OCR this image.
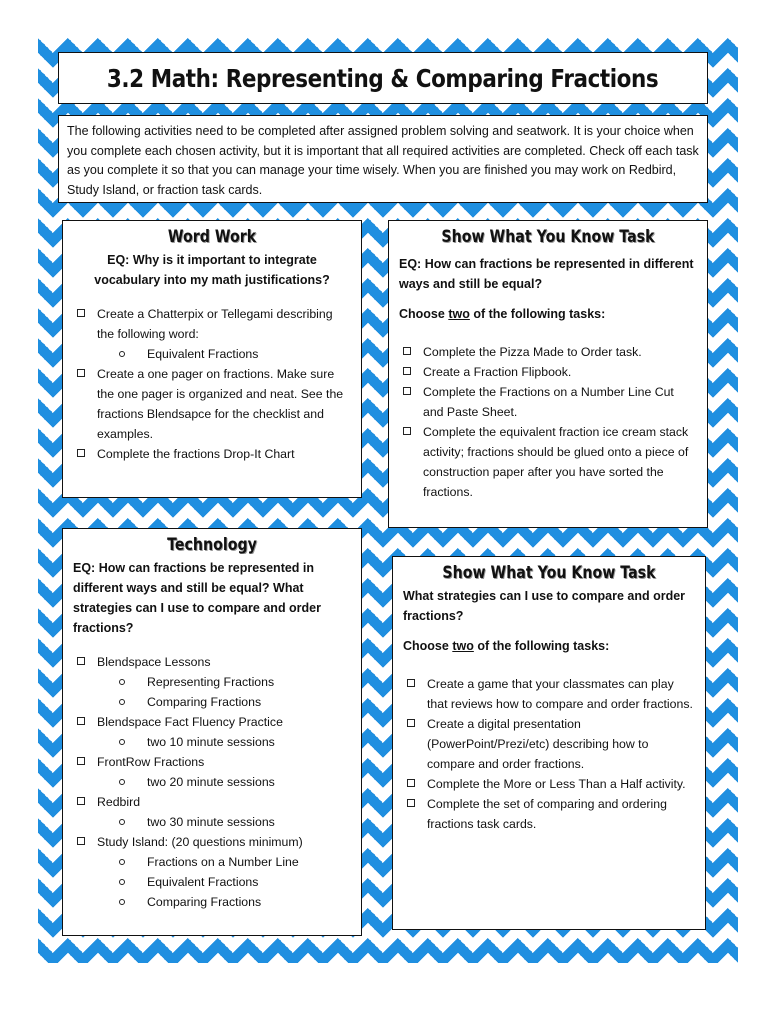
3.2 Math: Representing & Comparing Fractions

The following activities need to be completed after assigned problem solving and seatwork. It is your choice when you complete each chosen activity, but it is important that all required activities are completed. Check off each task as you complete it so that you can manage your time wisely. When you are finished you may work on Redbird, Study Island, or fraction task cards.

Word Work

EQ: Why is it important to integrate vocabulary into my math justifications?

Create a Chatterpix or Tellegami describing the following word:
Equivalent Fractions
Create a one pager on fractions. Make sure the one pager is organized and neat. See the fractions Blendsapce for the checklist and examples.
Complete the fractions Drop-It Chart
Show What You Know Task

EQ: How can fractions be represented in different ways and still be equal?

Choose two of the following tasks:

Complete the Pizza Made to Order task.
Create a Fraction Flipbook.
Complete the Fractions on a Number Line Cut and Paste Sheet.
Complete the equivalent fraction ice cream stack activity; fractions should be glued onto a piece of construction paper after you have sorted the fractions.
Technology

EQ: How can fractions be represented in different ways and still be equal? What strategies can I use to compare and order fractions?

Blendspace Lessons
Representing Fractions
Comparing Fractions
Blendspace Fact Fluency Practice
two 10 minute sessions
FrontRow Fractions
two 20 minute sessions
Redbird
two 30 minute sessions
Study Island: (20 questions minimum)
Fractions on a Number Line
Equivalent Fractions
Comparing Fractions
Show What You Know Task

What strategies can I use to compare and order fractions?

Choose two of the following tasks:

Create a game that your classmates can play that reviews how to compare and order fractions.
Create a digital presentation (PowerPoint/Prezi/etc) describing how to compare and order fractions.
Complete the More or Less Than a Half activity.
Complete the set of comparing and ordering fractions task cards.
